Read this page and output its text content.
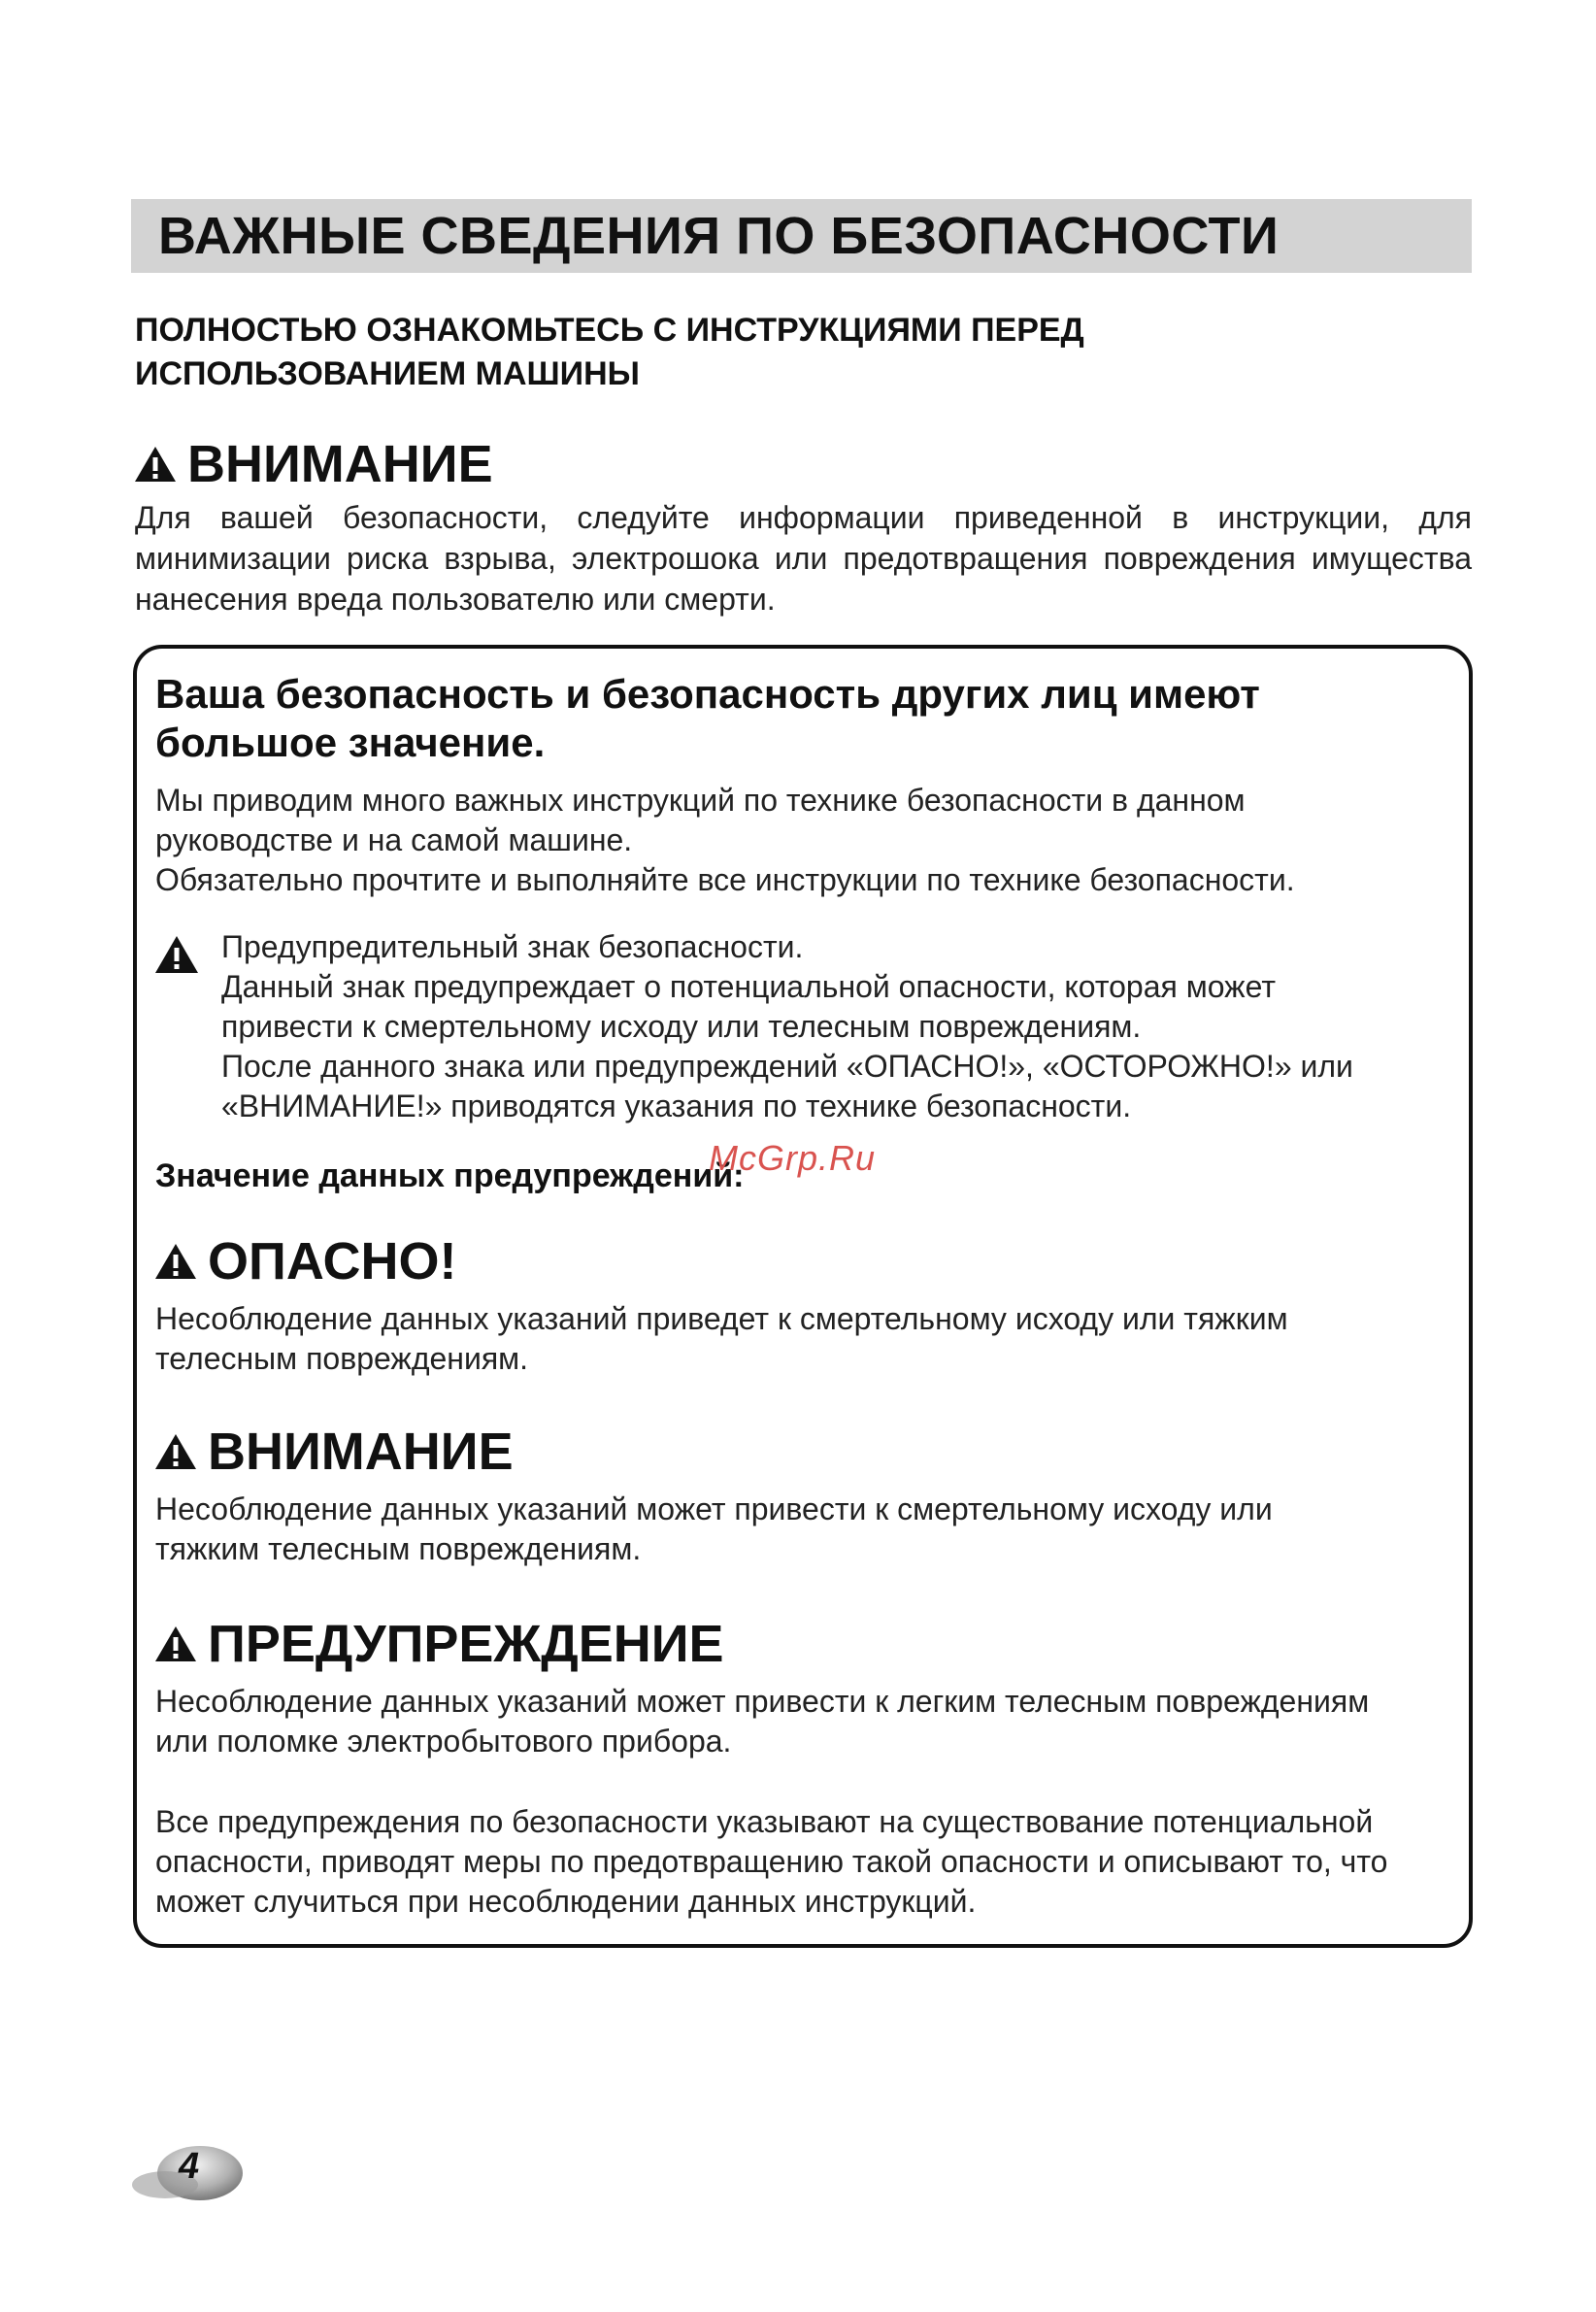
ВАЖНЫЕ СВЕДЕНИЯ ПО БЕЗОПАСНОСТИ
ПОЛНОСТЬЮ ОЗНАКОМЬТЕСЬ С ИНСТРУКЦИЯМИ ПЕРЕД
ИСПОЛЬЗОВАНИЕМ МАШИНЫ
ВНИМАНИЕ
Для вашей безопасности, следуйте информации приведенной в инструкции, для минимизации риска взрыва, электрошока или предотвращения повреждения имущества нанесения вреда пользователю или смерти.
Ваша безопасность и безопасность других лиц имеют
большое значение.
Мы приводим много важных инструкций по технике безопасности в данном
руководстве и на самой машине.
Обязательно прочтите и выполняйте все инструкции по технике безопасности.
Предупредительный знак безопасности.
Данный знак предупреждает о потенциальной опасности, которая может
привести к смертельному исходу или телесным повреждениям.
После данного знака или предупреждений «ОПАСНО!», «ОСТОРОЖНО!» или
«ВНИМАНИЕ!» приводятся указания по технике безопасности.
Значение данных предупреждений:
McGrp.Ru
ОПАСНО!
Несоблюдение данных указаний приведет к смертельному исходу или тяжким
телесным повреждениям.
ВНИМАНИЕ
Несоблюдение данных указаний может привести к смертельному исходу или
тяжким телесным повреждениям.
ПРЕДУПРЕЖДЕНИЕ
Несоблюдение данных указаний может привести к легким телесным повреждениям
или поломке электробытового прибора.
Все предупреждения по безопасности указывают на существование потенциальной
опасности, приводят меры по предотвращению такой опасности и описывают то, что
может случиться при несоблюдении данных инструкций.
4
